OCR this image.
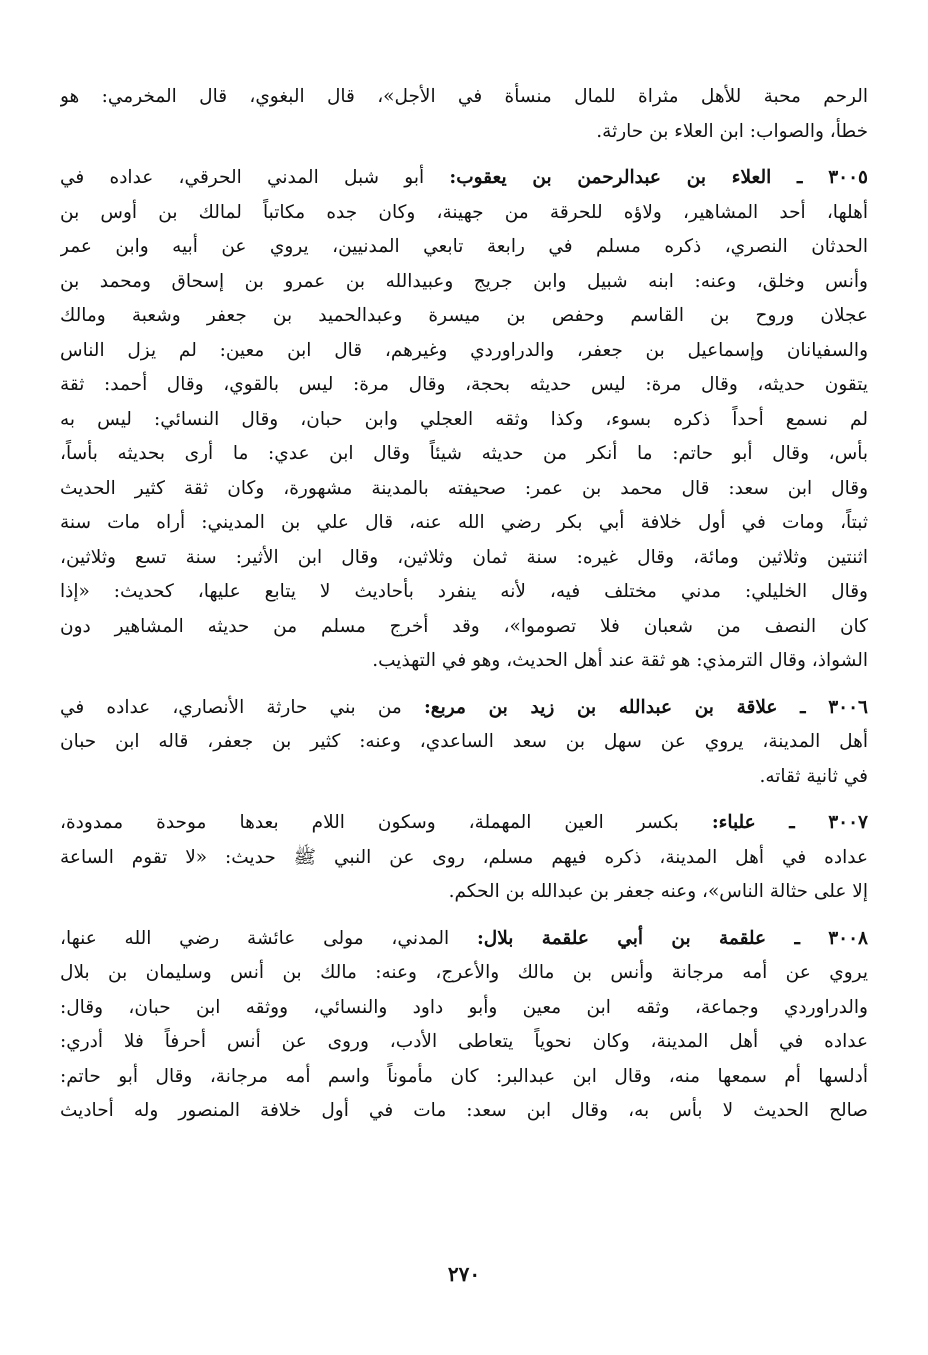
الرحم محبة للأهل مثراة للمال منسأة في الأجل»، قال البغوي، قال المخرمي: هو
خطأ، والصواب: ابن العلاء بن حارثة.
٣٠٠٥ ـ العلاء بن عبدالرحمن بن يعقوب: أبو شبل المدني الحرقي، عداده في
أهلها، أحد المشاهير، ولاؤه للحرقة من جهينة، وكان جده مكاتباً لمالك بن أوس بن
الحدثان النصري، ذكره مسلم في رابعة تابعي المدنيين، يروي عن أبيه وابن عمر
وأنس وخلق، وعنه: ابنه شبيل وابن جريج وعبيدالله بن عمرو بن إسحاق ومحمد بن
عجلان وروح بن القاسم وحفص بن ميسرة وعبدالحميد بن جعفر وشعبة ومالك
والسفيانان وإسماعيل بن جعفر، والدراوردي وغيرهم، قال ابن معين: لم يزل الناس
يتقون حديثه، وقال مرة: ليس حديثه بحجة، وقال مرة: ليس بالقوي، وقال أحمد: ثقة
لم نسمع أحداً ذكره بسوء، وكذا وثقه العجلي وابن حبان، وقال النسائي: ليس به
بأس، وقال أبو حاتم: ما أنكر من حديثه شيئاً وقال ابن عدي: ما أرى بحديثه بأساً،
وقال ابن سعد: قال محمد بن عمر: صحيفته بالمدينة مشهورة، وكان ثقة كثير الحديث
ثبتاً، ومات في أول خلافة أبي بكر رضي الله عنه، قال علي بن المديني: أراه مات سنة
اثنتين وثلاثين ومائة، وقال غيره: سنة ثمان وثلاثين، وقال ابن الأثير: سنة تسع وثلاثين،
وقال الخليلي: مدني مختلف فيه، لأنه ينفرد بأحاديث لا يتابع عليها، كحديث: «إذا
كان النصف من شعبان فلا تصوموا»، وقد أخرج مسلم من حديثه المشاهير دون
الشواذ، وقال الترمذي: هو ثقة عند أهل الحديث، وهو في التهذيب.
٣٠٠٦ ـ علاقة بن عبدالله بن زيد بن مربع: من بني حارثة الأنصاري، عداده في
أهل المدينة، يروي عن سهل بن سعد الساعدي، وعنه: كثير بن جعفر، قاله ابن حبان
في ثانية ثقاته.
٣٠٠٧ ـ علباء: بكسر العين المهملة، وسكون اللام بعدها موحدة ممدودة،
عداده في أهل المدينة، ذكره فيهم مسلم، روى عن النبي ﷺ حديث: «لا تقوم الساعة
إلا على حثالة الناس»، وعنه جعفر بن عبدالله بن الحكم.
٣٠٠٨ ـ علقمة بن أبي علقمة بلال: المدني، مولى عائشة رضي الله عنها،
يروي عن أمه مرجانة وأنس بن مالك والأعرج، وعنه: مالك بن أنس وسليمان بن بلال
والدراوردي وجماعة، وثقه ابن معين وأبو داود والنسائي، ووثقه ابن حبان، وقال:
عداده في أهل المدينة، وكان نحوياً يتعاطى الأدب، وروى عن أنس أحرفاً فلا أدري:
أدلسها أم سمعها منه، وقال ابن عبدالبر: كان مأموناً واسم أمه مرجانة، وقال أبو حاتم:
صالح الحديث لا بأس به، وقال ابن سعد: مات في أول خلافة المنصور وله أحاديث
٢٧٠
